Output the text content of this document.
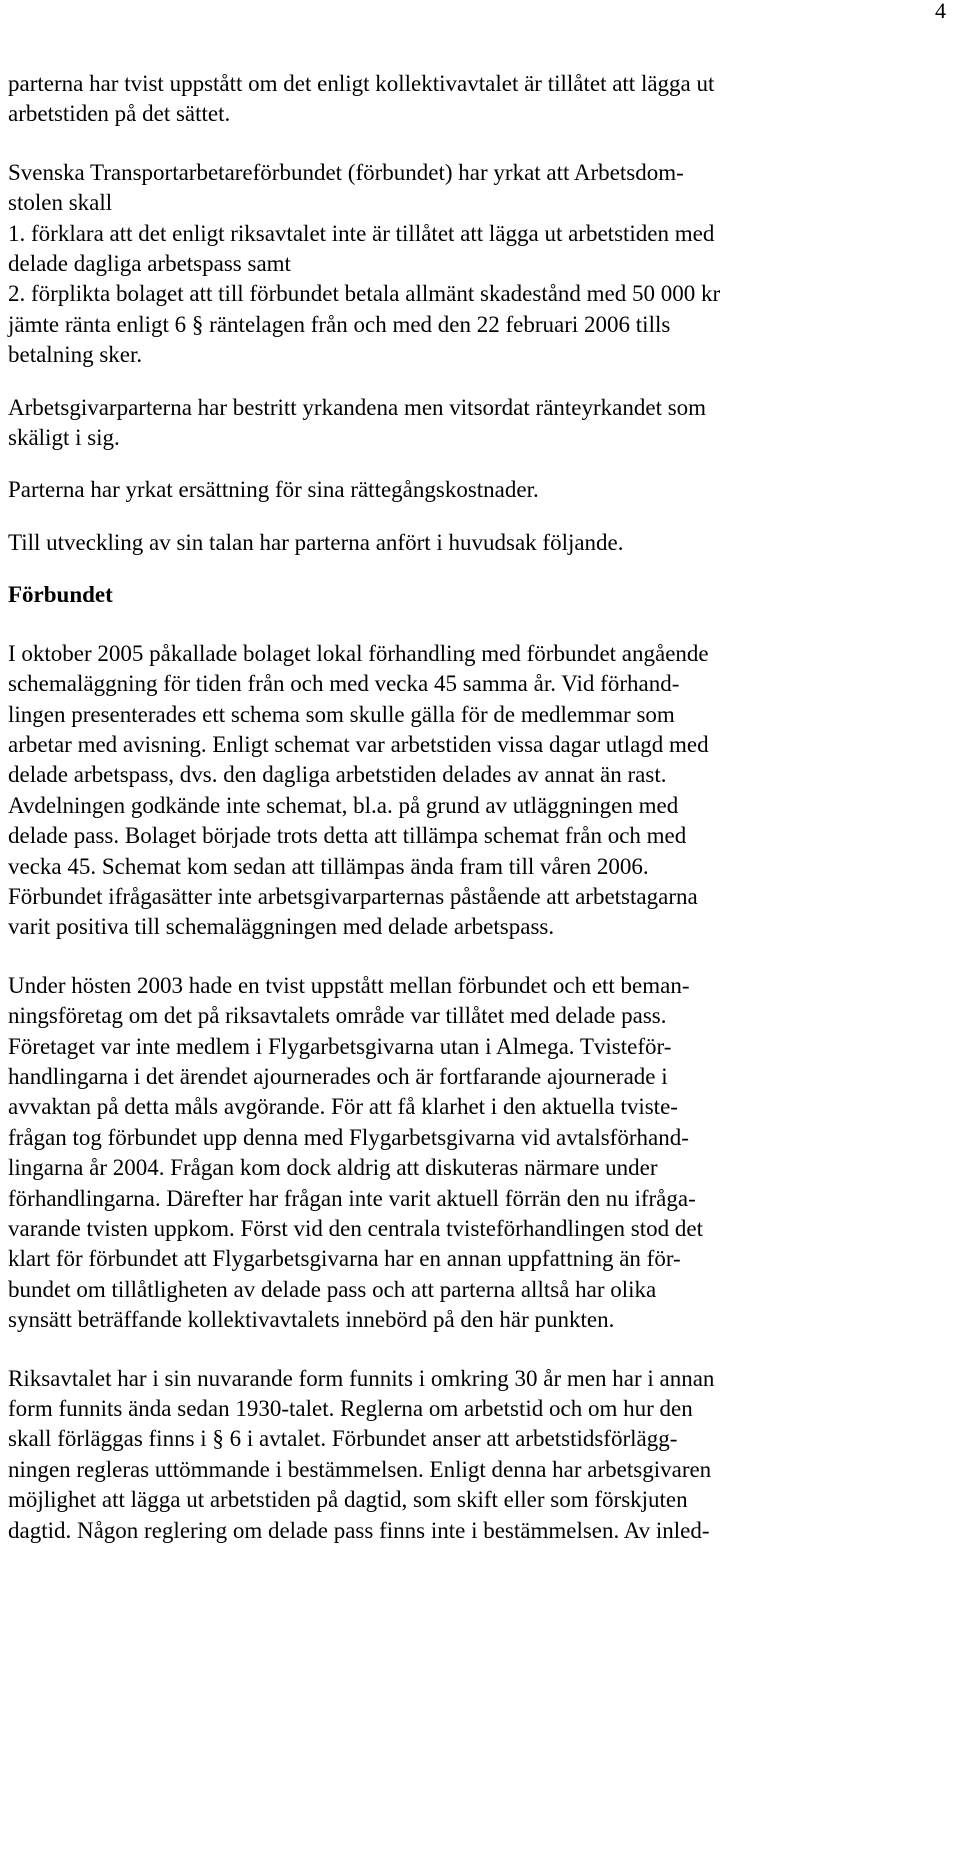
4
parterna har tvist uppstått om det enligt kollektivavtalet är tillåtet att lägga ut
arbetstiden på det sättet.
Svenska Transportarbetareförbundet (förbundet) har yrkat att Arbetsdom-
stolen skall
1. förklara att det enligt riksavtalet inte är tillåtet att lägga ut arbetstiden med
delade dagliga arbetspass samt
2. förplikta bolaget att till förbundet betala allmänt skadestånd med 50 000 kr
jämte ränta enligt 6 § räntelagen från och med den 22 februari 2006 tills
betalning sker.
Arbetsgivarparterna har bestritt yrkandena men vitsordat ränteyrkandet som
skäligt i sig.
Parterna har yrkat ersättning för sina rättegångskostnader.
Till utveckling av sin talan har parterna anfört i huvudsak följande.
Förbundet
I oktober 2005 påkallade bolaget lokal förhandling med förbundet angående
schemaläggning för tiden från och med vecka 45 samma år. Vid förhand-
lingen presenterades ett schema som skulle gälla för de medlemmar som
arbetar med avisning. Enligt schemat var arbetstiden vissa dagar utlagd med
delade arbetspass, dvs. den dagliga arbetstiden delades av annat än rast.
Avdelningen godkände inte schemat, bl.a. på grund av utläggningen med
delade pass. Bolaget började trots detta att tillämpa schemat från och med
vecka 45. Schemat kom sedan att tillämpas ända fram till våren 2006.
Förbundet ifrågasätter inte arbetsgivarparternas påstående att arbetstagarna
varit positiva till schemaläggningen med delade arbetspass.
Under hösten 2003 hade en tvist uppstått mellan förbundet och ett beman-
ningsföretag om det på riksavtalets område var tillåtet med delade pass.
Företaget var inte medlem i Flygarbetsgivarna utan i Almega. Tvisteför-
handlingarna i det ärendet ajournerades och är fortfarande ajournerade i
avvaktan på detta måls avgörande. För att få klarhet i den aktuella tviste-
frågan tog förbundet upp denna med Flygarbetsgivarna vid avtalsförhand-
lingarna år 2004. Frågan kom dock aldrig att diskuteras närmare under
förhandlingarna. Därefter har frågan inte varit aktuell förrän den nu ifråga-
varande tvisten uppkom. Först vid den centrala tvisteförhandlingen stod det
klart för förbundet att Flygarbetsgivarna har en annan uppfattning än för-
bundet om tillåtligheten av delade pass och att parterna alltså har olika
synsätt beträffande kollektivavtalets innebörd på den här punkten.
Riksavtalet har i sin nuvarande form funnits i omkring 30 år men har i annan
form funnits ända sedan 1930-talet. Reglerna om arbetstid och om hur den
skall förläggas finns i § 6 i avtalet. Förbundet anser att arbetstidsförlägg-
ningen regleras uttömmande i bestämmelsen. Enligt denna har arbetsgivaren
möjlighet att lägga ut arbetstiden på dagtid, som skift eller som förskjuten
dagtid. Någon reglering om delade pass finns inte i bestämmelsen. Av inled-
